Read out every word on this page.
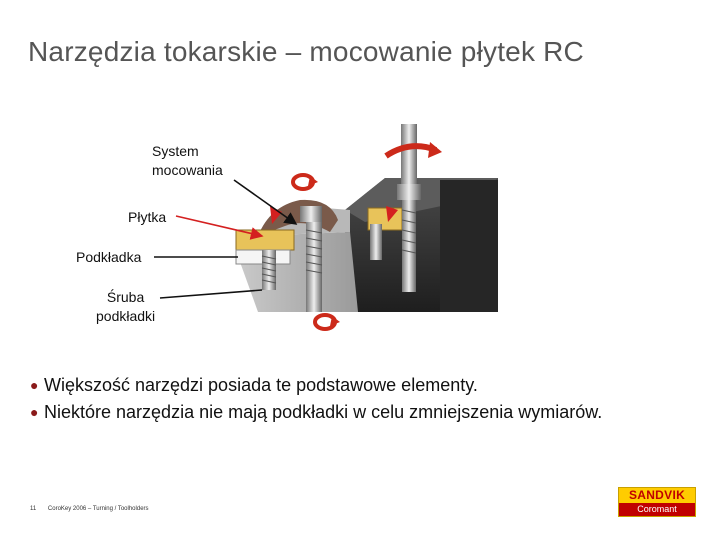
Narzędzia tokarskie – mocowanie płytek RC
System
mocowania
Płytka
Podkładka
Śruba
podkładki
● Większość narzędzi posiada te podstawowe elementy.
● Niektóre narzędzia nie mają podkładki w celu zmniejszenia wymiarów.
11 CoroKey 2006 – Turning / Toolholders
SANDVIK
Coromant
